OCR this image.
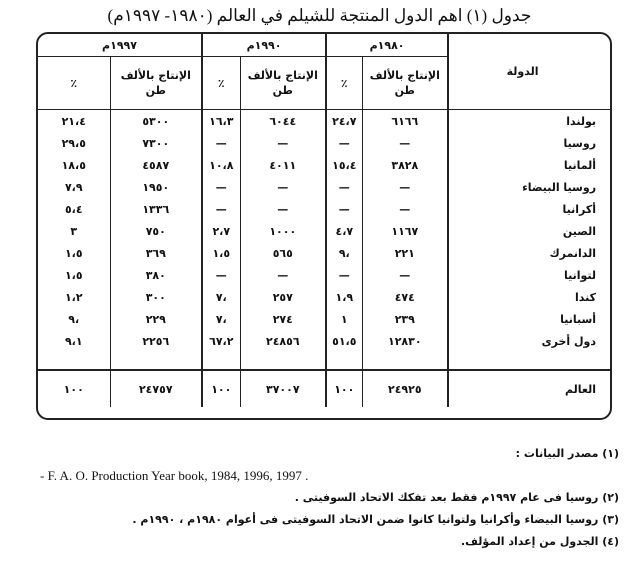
جدول (١) اهم الدول المنتجة للشيلم في العالم (١٩٨٠- ١٩٩٧م)
الدولة	١٩٨٠م		١٩٩٠م		١٩٩٧م	
	الإنتاج بالألف طن	٪	الإنتاج بالألف طن	٪	الإنتاج بالألف طن	٪
بولندا	٦١٦٦	٢٤،٧	٦٠٤٤	١٦،٣	٥٣٠٠	٢١،٤
روسيا	—	—	—	—	٧٣٠٠	٢٩،٥
ألمانيا	٣٨٢٨	١٥،٤	٤٠١١	١٠،٨	٤٥٨٧	١٨،٥
روسيا البيضاء	—	—	—	—	١٩٥٠	٧،٩
أكرانيا	—	—	—	—	١٣٣٦	٥،٤
الصين	١١٦٧	٤،٧	١٠٠٠	٢،٧	٧٥٠	٣
الدانمرك	٢٢١	،٩	٥٦٥	١،٥	٣٦٩	١،٥
لتوانيا	—	—	—	—	٣٨٠	١،٥
كندا	٤٧٤	١،٩	٢٥٧	،٧	٣٠٠	١،٢
أسبانيا	٢٣٩	١	٢٧٤	،٧	٢٢٩	،٩
دول أخرى	١٢٨٣٠	٥١،٥	٢٤٨٥٦	٦٧،٢	٢٢٥٦	٩،١

العالم	٢٤٩٢٥	١٠٠	٣٧٠٠٧	١٠٠	٢٤٧٥٧	١٠٠

(١) مصدر البيانات :

- F. A. O. Production Year book, 1984, 1996, 1997 .

(٢) روسيا فى عام ١٩٩٧م فقط بعد تفكك الاتحاد السوفيتى .

(٣) روسيا البيضاء وأكرانيا ولتوانيا كانوا ضمن الاتحاد السوفيتى فى أعوام ١٩٨٠م ، ١٩٩٠م .

(٤) الجدول من إعداد المؤلف.
